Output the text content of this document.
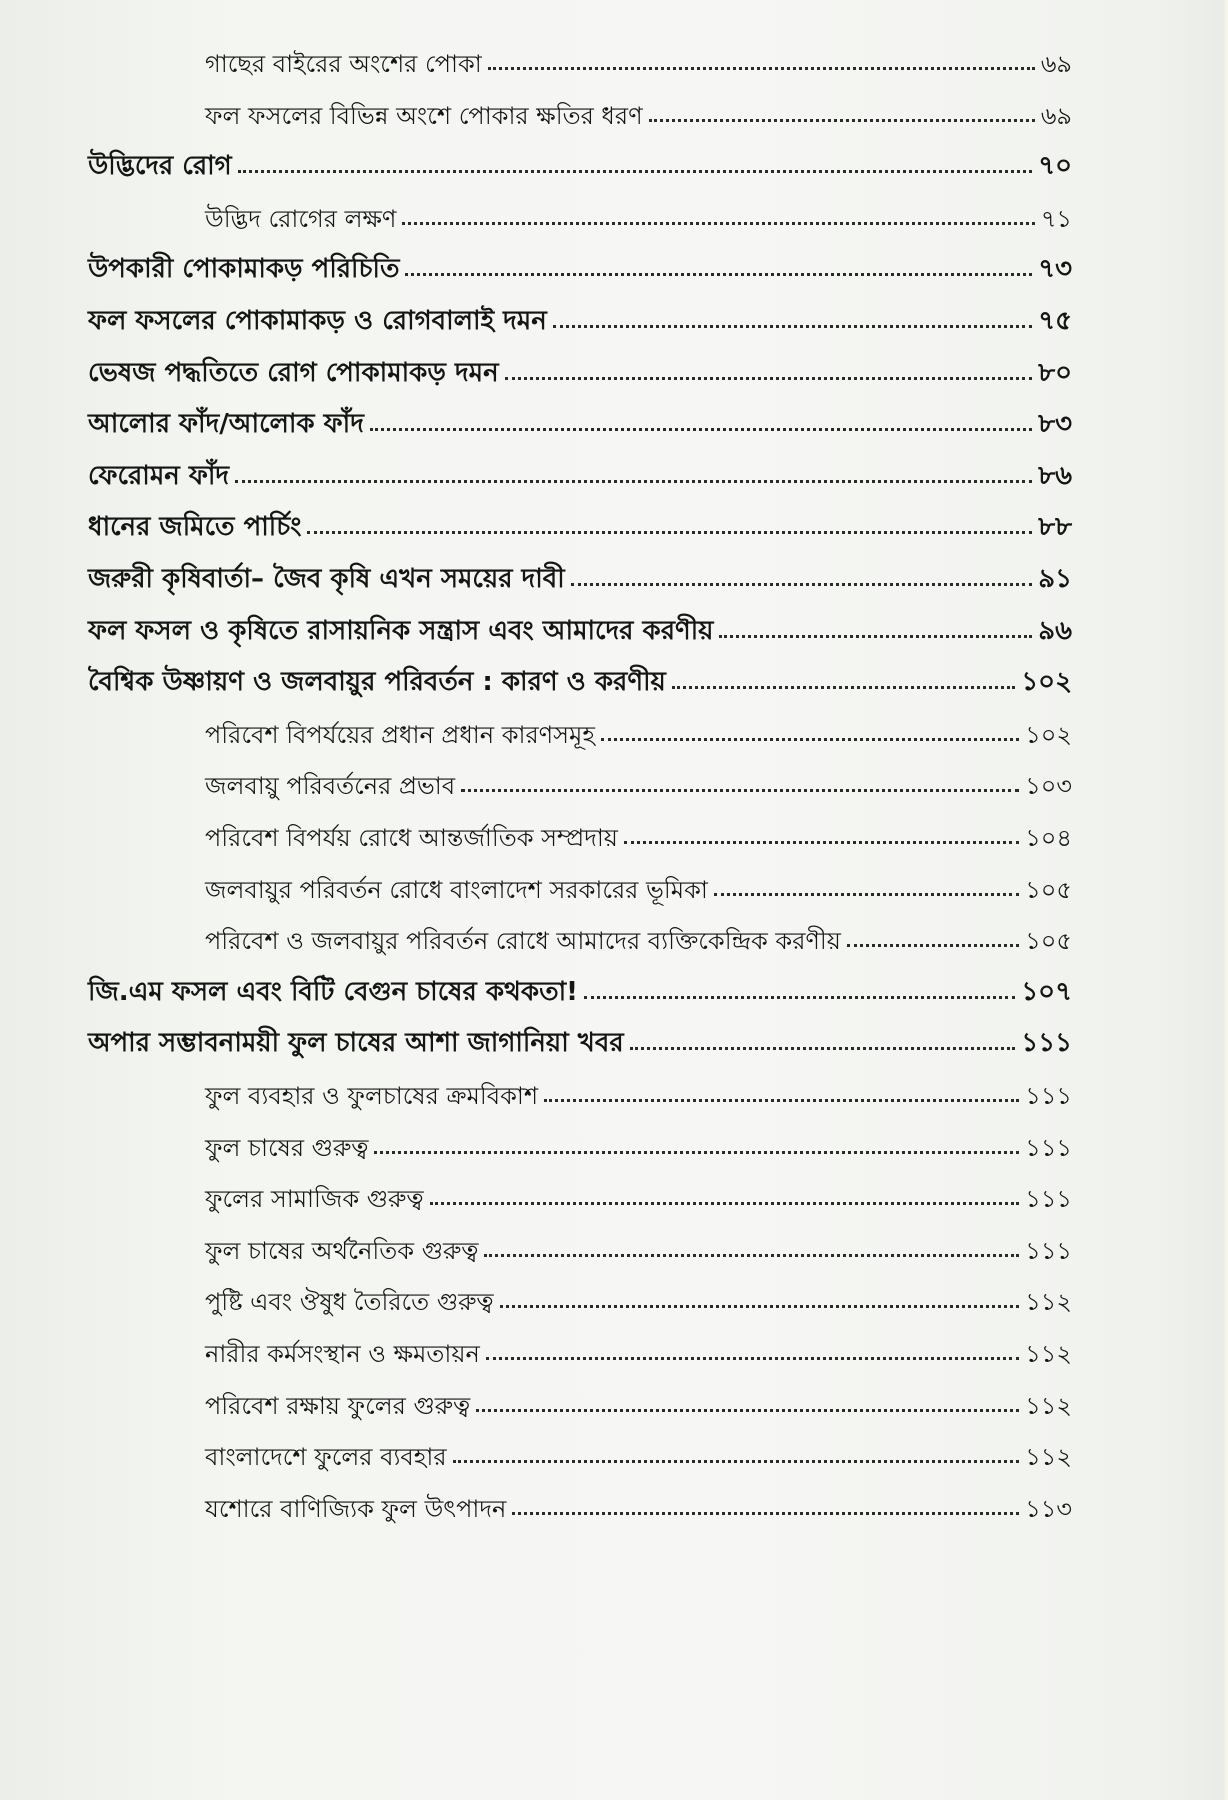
গাছের বাইরের অংশের পোকা	৬৯
ফল ফসলের বিভিন্ন অংশে পোকার ক্ষতির ধরণ	৬৯
উদ্ভিদের রোগ	৭০
উদ্ভিদ রোগের লক্ষণ	৭১
উপকারী পোকামাকড় পরিচিতি	৭৩
ফল ফসলের পোকামাকড় ও রোগবালাই দমন	৭৫
ভেষজ পদ্ধতিতে রোগ পোকামাকড় দমন	৮০
আলোর ফাঁদ/আলোক ফাঁদ	৮৩
ফেরোমন ফাঁদ	৮৬
ধানের জমিতে পার্চিং	৮৮
জরুরী কৃষিবার্তা– জৈব কৃষি এখন সময়ের দাবী	৯১
ফল ফসল ও কৃষিতে রাসায়নিক সন্ত্রাস এবং আমাদের করণীয়	৯৬
বৈশ্বিক উষ্ণায়ণ ও জলবায়ুর পরিবর্তন : কারণ ও করণীয়	১০২
পরিবেশ বিপর্যয়ের প্রধান প্রধান কারণসমূহ	১০২
জলবায়ু পরিবর্তনের প্রভাব	১০৩
পরিবেশ বিপর্যয় রোধে আন্তর্জাতিক সম্প্রদায়	১০৪
জলবায়ুর পরিবর্তন রোধে বাংলাদেশ সরকারের ভূমিকা	১০৫
পরিবেশ ও জলবায়ুর পরিবর্তন রোধে আমাদের ব্যক্তিকেন্দ্রিক করণীয়	১০৫
জি.এম ফসল এবং বিটি বেগুন চাষের কথকতা!	১০৭
অপার সম্ভাবনাময়ী ফুল চাষের আশা জাগানিয়া খবর	১১১
ফুল ব্যবহার ও ফুলচাষের ক্রমবিকাশ	১১১
ফুল চাষের গুরুত্ব	১১১
ফুলের সামাজিক গুরুত্ব	১১১
ফুল চাষের অর্থনৈতিক গুরুত্ব	১১১
পুষ্টি এবং ঔষুধ তৈরিতে গুরুত্ব	১১২
নারীর কর্মসংস্থান ও ক্ষমতায়ন	১১২
পরিবেশ রক্ষায় ফুলের গুরুত্ব	১১২
বাংলাদেশে ফুলের ব্যবহার	১১২
যশোরে বাণিজ্যিক ফুল উৎপাদন	১১৩
